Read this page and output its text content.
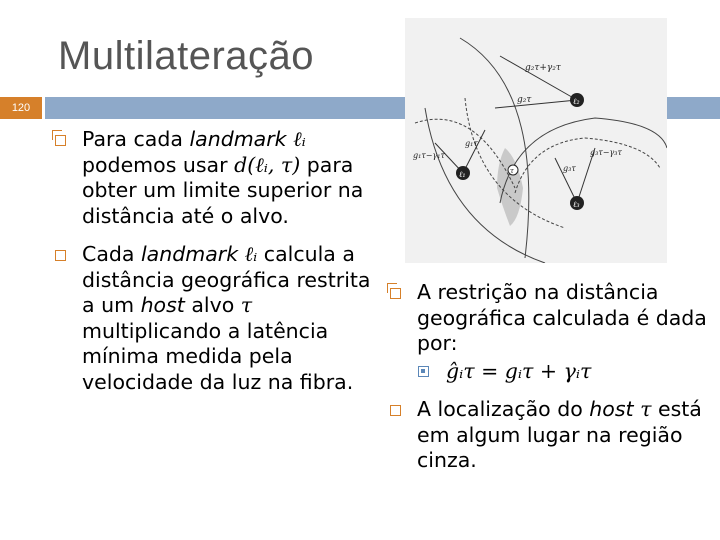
Multilateração
120
g₂τ+γ₂τ
g₂τ
g₁τ−γ₁τ
g₁τ
g₃τ−γ₃τ
g₃τ
ℓ₂
ℓ₁
ℓ₃
τ
Para cada landmark ℓᵢ
podemos usar d(ℓᵢ, τ) para obter um limite superior na distância até o alvo.
Cada landmark ℓᵢ calcula a distância geográfica restrita a um host alvo τ multiplicando a latência mínima medida pela velocidade da luz na fibra.
A restrição na distância geográfica calculada é dada por:
ĝᵢτ = gᵢτ + γᵢτ
A localização do host τ está em algum lugar na região cinza.
